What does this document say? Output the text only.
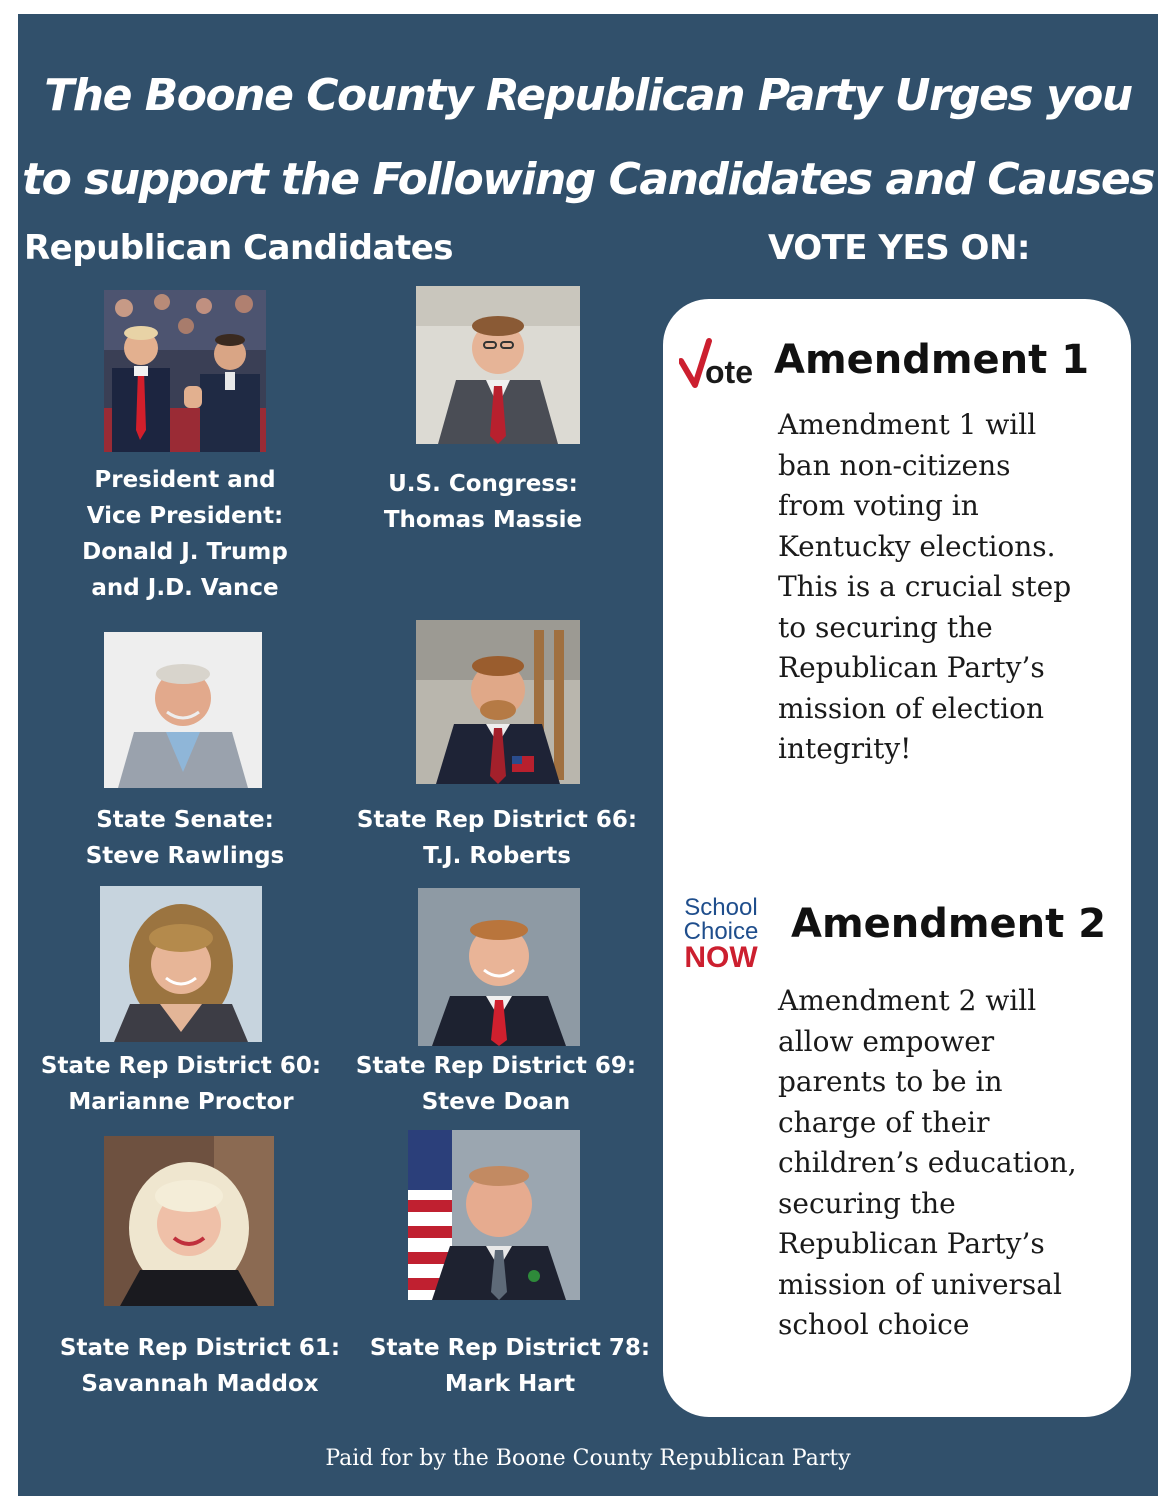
The Boone County Republican Party Urges you
to support the Following Candidates and Causes
Republican Candidates	VOTE YES ON:
President and
Vice President:
Donald J. Trump
and J.D. Vance
U.S. Congress:
Thomas Massie
State Senate:
Steve Rawlings
State Rep District 66:
T.J. Roberts
State Rep District 60:
Marianne Proctor
State Rep District 69:
Steve Doan
State Rep District 61:
Savannah Maddox
State Rep District 78:
Mark Hart
ote Amendment 1
Amendment 1 will
ban non-citizens
from voting in
Kentucky elections.
This is a crucial step
to securing the
Republican Party’s
mission of election
integrity!
School
Choice
NOW
Amendment 2
Amendment 2 will
allow empower
parents to be in
charge of their
children’s education,
securing the
Republican Party’s
mission of universal
school choice
Paid for by the Boone County Republican Party
